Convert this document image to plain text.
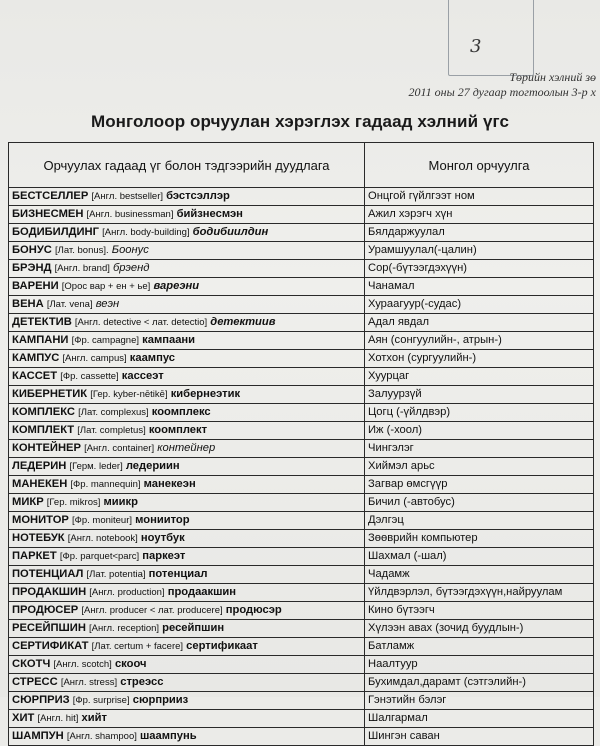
3
Төрийн хэлний зө
2011 оны 27 дугаар тогтоолын 3-р х
Монголоор орчуулан хэрэглэх гадаад хэлний үгс
Орчуулах гадаад үг болон тэдгээрийн дуудлага	Монгол орчуулга
БЕСТСЕЛЛЕР [Англ. bestseller] бэстсэллэр	Онцгой гүйлгээт ном
БИЗНЕСМЕН [Англ. businessman] бийзнесмэн	Ажил хэрэгч хүн
БОДИБИЛДИНГ [Англ. body-building] бодибиилдин	Бялдаржуулал
БОНУС [Лат. bonus]. Боонус	Урамшуулал(-цалин)
БРЭНД [Англ. brand] брэенд	Сор(-бүтээгдэхүүн)
ВАРЕНИ [Орос вар + ен + ье] вареэни	Чанамал
ВЕНА [Лат. vena] веэн	Хураагуур(-судас)
ДЕТЕКТИВ [Англ. detective < лат. detectio] детектиив	Адал явдал
КАМПАНИ [Фр. campagne] кампаани	Аян (сонгуулийн-, атрын-)
КАМПУС [Англ. campus] каампус	Хотхон (сургуулийн-)
КАССЕТ [Фр. cassette] кассеэт	Хуурцаг
КИБЕРНЕТИК [Гер. kyber-nētikē] кибернеэтик	Залуурзүй
КОМПЛЕКС [Лат. complexus] коомплекс	Цогц (-үйлдвэр)
КОМПЛЕКТ [Лат. completus] коомплект	Иж (-хоол)
КОНТЕЙНЕР [Англ. container] контейнер	Чингэлэг
ЛЕДЕРИН [Герм. leder] ледериин	Хиймэл арьс
МАНЕКЕН [Фр. mannequin] манекеэн	Загвар өмсгүүр
МИКР [Гер. mikros] миикр	Бичил (-автобус)
МОНИТОР [Фр. moniteur] мониитор	Дэлгэц
НОТЕБУК [Англ. notebook] ноутбук	Зөөврийн компьютер
ПАРКЕТ [Фр. parquet<parc] паркеэт	Шахмал (-шал)
ПОТЕНЦИАЛ [Лат. potentia] потенциал	Чадамж
ПРОДАКШИН [Англ. production] продаакшин	Үйлдвэрлэл, бүтээгдэхүүн,найруулам
ПРОДЮСЕР [Англ. producer < лат. producere] продюсэр	Кино бүтээгч
РЕСЕЙПШИН [Англ. reception] ресейпшин	Хүлээн авах (зочид буудлын-)
СЕРТИФИКАТ [Лат. certum + facere] сертификаат	Батламж
СКОТЧ [Англ. scotch] скооч	Наалтуур
СТРЕСС [Англ. stress] стреэсс	Бухимдал,дарамт (сэтгэлийн-)
СЮРПРИЗ [Фр. surprise] сюрприиз	Гэнэтийн бэлэг
ХИТ [Англ. hit] хийт	Шалгармал
ШАМПУН [Англ. shampoo] шаампунь	Шингэн саван
